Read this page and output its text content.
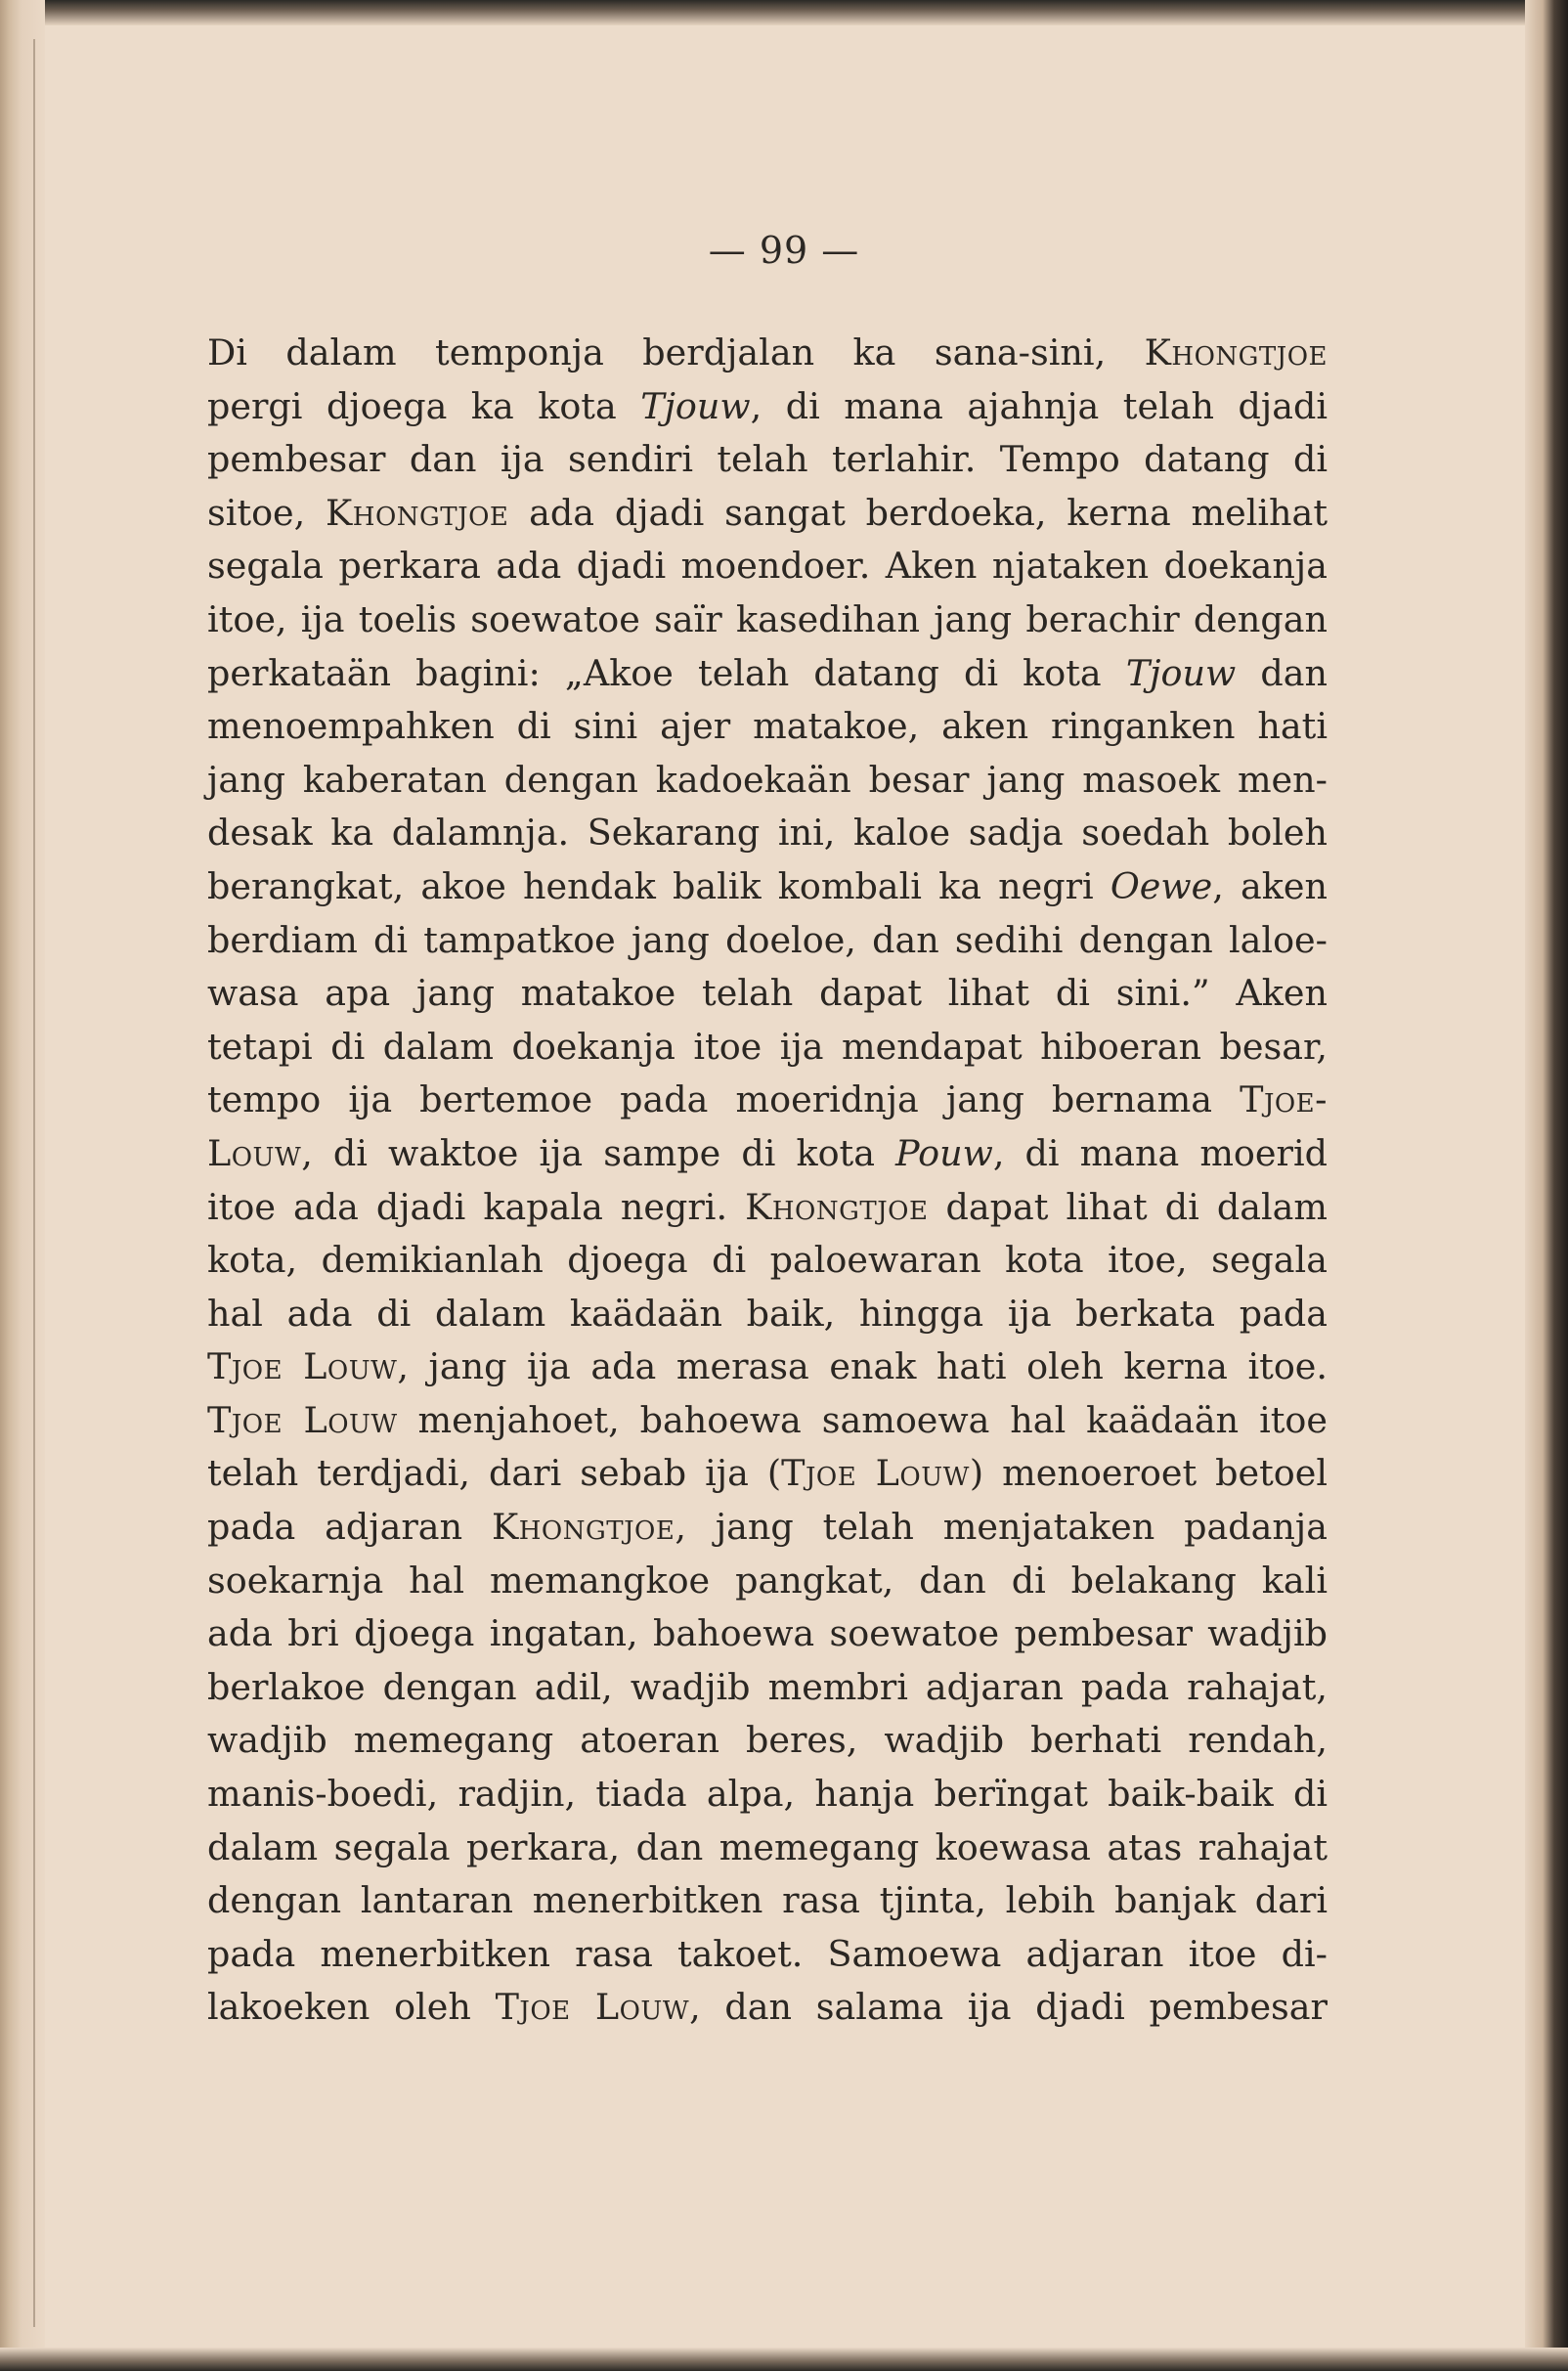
— 99 —
Di dalam temponja berdjalan ka sana-sini, Khongtjoe
pergi djoega ka kota Tjouw, di mana ajahnja telah djadi
pembesar dan ija sendiri telah terlahir. Tempo datang di
sitoe, Khongtjoe ada djadi sangat berdoeka, kerna melihat
segala perkara ada djadi moendoer. Aken njataken doekanja
itoe, ija toelis soewatoe saïr kasedihan jang berachir dengan
perkataän bagini: „Akoe telah datang di kota Tjouw dan
menoempahken di sini ajer matakoe, aken ringanken hati
jang kaberatan dengan kadoekaän besar jang masoek men-
desak ka dalamnja. Sekarang ini, kaloe sadja soedah boleh
berangkat, akoe hendak balik kombali ka negri Oewe, aken
berdiam di tampatkoe jang doeloe, dan sedihi dengan laloe-
wasa apa jang matakoe telah dapat lihat di sini.” Aken
tetapi di dalam doekanja itoe ija mendapat hiboeran besar,
tempo ija bertemoe pada moeridnja jang bernama Tjoe-
Louw, di waktoe ija sampe di kota Pouw, di mana moerid
itoe ada djadi kapala negri. Khongtjoe dapat lihat di dalam
kota, demikianlah djoega di paloewaran kota itoe, segala
hal ada di dalam kaädaän baik, hingga ija berkata pada
Tjoe Louw, jang ija ada merasa enak hati oleh kerna itoe.
Tjoe Louw menjahoet, bahoewa samoewa hal kaädaän itoe
telah terdjadi, dari sebab ija (Tjoe Louw) menoeroet betoel
pada adjaran Khongtjoe, jang telah menjataken padanja
soekarnja hal memangkoe pangkat, dan di belakang kali
ada bri djoega ingatan, bahoewa soewatoe pembesar wadjib
berlakoe dengan adil, wadjib membri adjaran pada rahajat,
wadjib memegang atoeran beres, wadjib berhati rendah,
manis-boedi, radjin, tiada alpa, hanja berïngat baik-baik di
dalam segala perkara, dan memegang koewasa atas rahajat
dengan lantaran menerbitken rasa tjinta, lebih banjak dari
pada menerbitken rasa takoet. Samoewa adjaran itoe di-
lakoeken oleh Tjoe Louw, dan salama ija djadi pembesar
